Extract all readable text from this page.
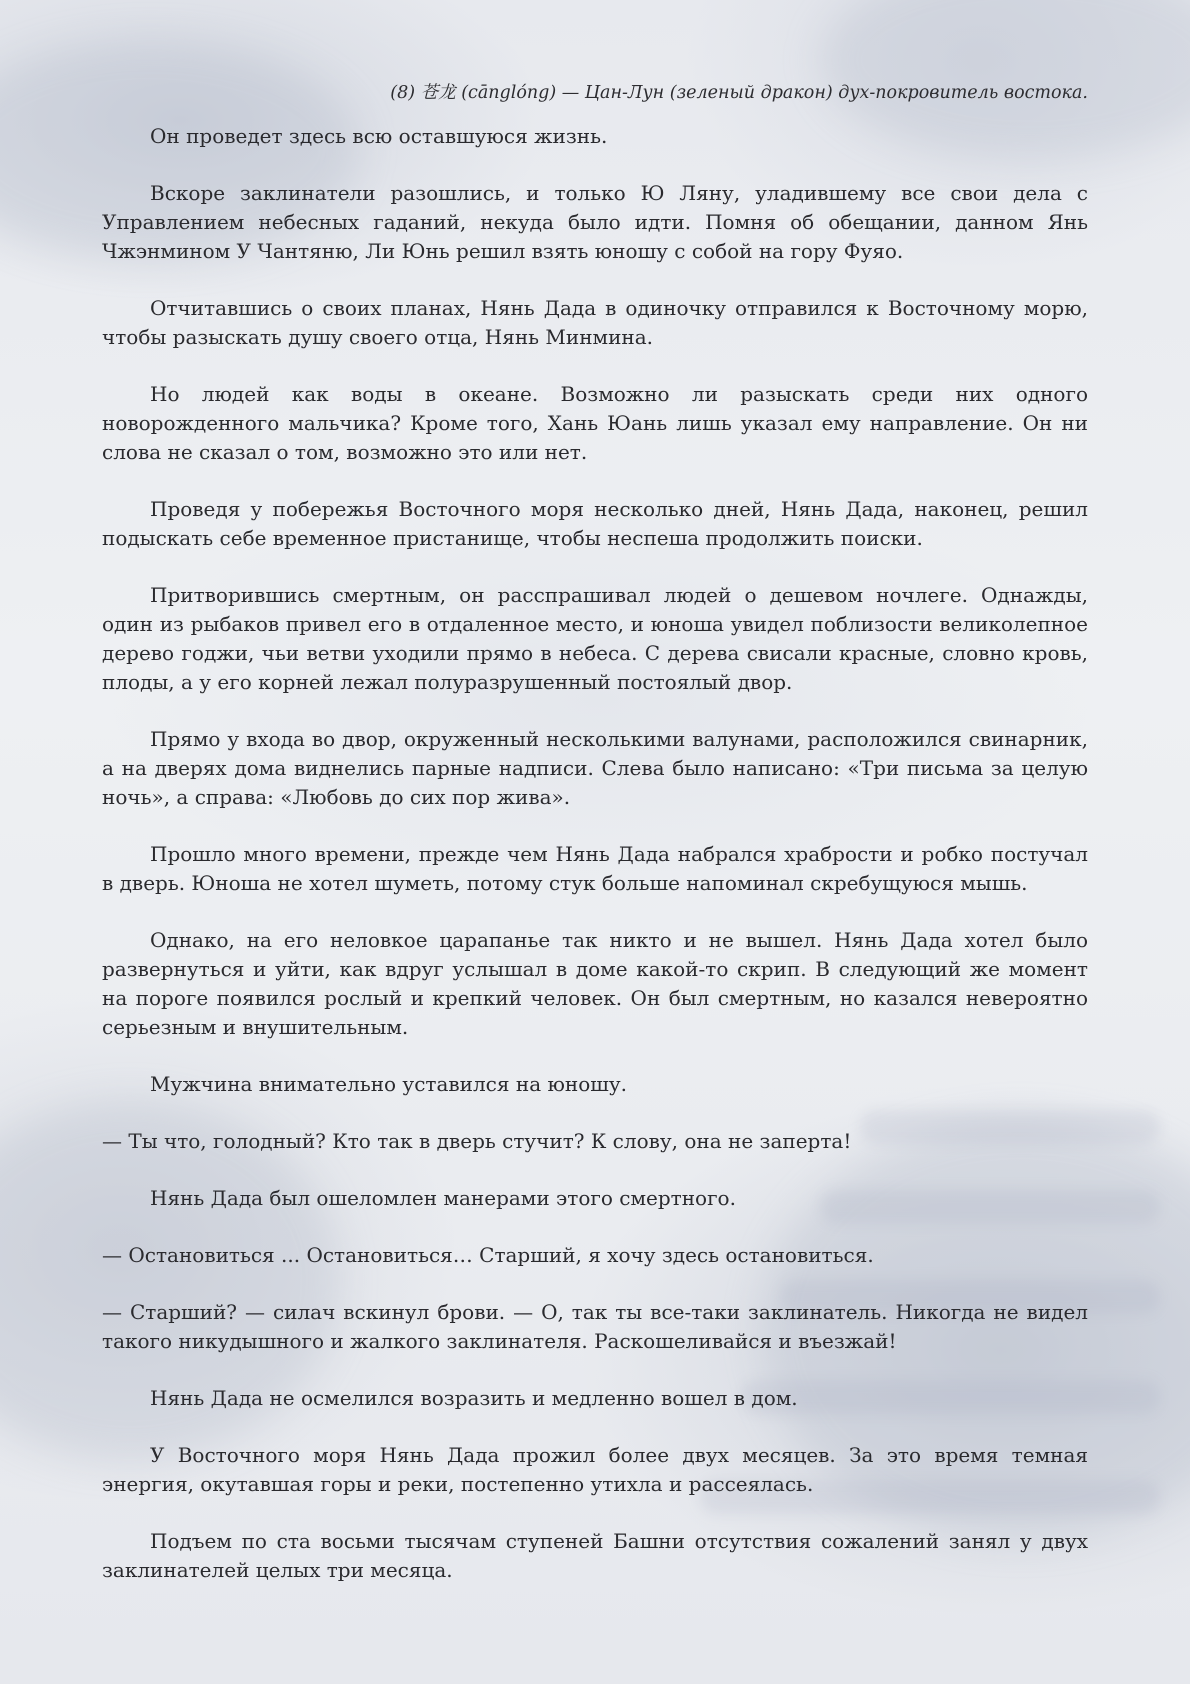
(8) 苍龙 (cānglóng) — Цан-Лун (зеленый дракон) дух-покровитель востока.

Он проведет здесь всю оставшуюся жизнь.

Вскоре заклинатели разошлись, и только Ю Ляну, уладившему все свои дела с Управлением небесных гаданий, некуда было идти. Помня об обещании, данном Янь Чжэнмином У Чантяню, Ли Юнь решил взять юношу с собой на гору Фуяо.

Отчитавшись о своих планах, Нянь Дада в одиночку отправился к Восточному морю, чтобы разыскать душу своего отца, Нянь Минмина.

Но людей как воды в океане. Возможно ли разыскать среди них одного новорожденного мальчика? Кроме того, Хань Юань лишь указал ему направление. Он ни слова не сказал о том, возможно это или нет.

Проведя у побережья Восточного моря несколько дней, Нянь Дада, наконец, решил подыскать себе временное пристанище, чтобы неспеша продолжить поиски.

Притворившись смертным, он расспрашивал людей о дешевом ночлеге. Однажды, один из рыбаков привел его в отдаленное место, и юноша увидел поблизости великолепное дерево годжи, чьи ветви уходили прямо в небеса. С дерева свисали красные, словно кровь, плоды, а у его корней лежал полуразрушенный постоялый двор.

Прямо у входа во двор, окруженный несколькими валунами, расположился свинарник, а на дверях дома виднелись парные надписи. Слева было написано: «Три письма за целую ночь», а справа: «Любовь до сих пор жива».

Прошло много времени, прежде чем Нянь Дада набрался храбрости и робко постучал в дверь. Юноша не хотел шуметь, потому стук больше напоминал скребущуюся мышь.

Однако, на его неловкое царапанье так никто и не вышел. Нянь Дада хотел было развернуться и уйти, как вдруг услышал в доме какой-то скрип. В следующий же момент на пороге появился рослый и крепкий человек. Он был смертным, но казался невероятно серьезным и внушительным.

Мужчина внимательно уставился на юношу.

— Ты что, голодный? Кто так в дверь стучит? К слову, она не заперта!

Нянь Дада был ошеломлен манерами этого смертного.

— Остановиться ... Остановиться… Старший, я хочу здесь остановиться.

— Старший? — силач вскинул брови. — О, так ты все-таки заклинатель. Никогда не видел такого никудышного и жалкого заклинателя. Раскошеливайся и въезжай!

Нянь Дада не осмелился возразить и медленно вошел в дом.

У Восточного моря Нянь Дада прожил более двух месяцев. За это время темная энергия, окутавшая горы и реки, постепенно утихла и рассеялась.

Подъем по ста восьми тысячам ступеней Башни отсутствия сожалений занял у двух заклинателей целых три месяца.
